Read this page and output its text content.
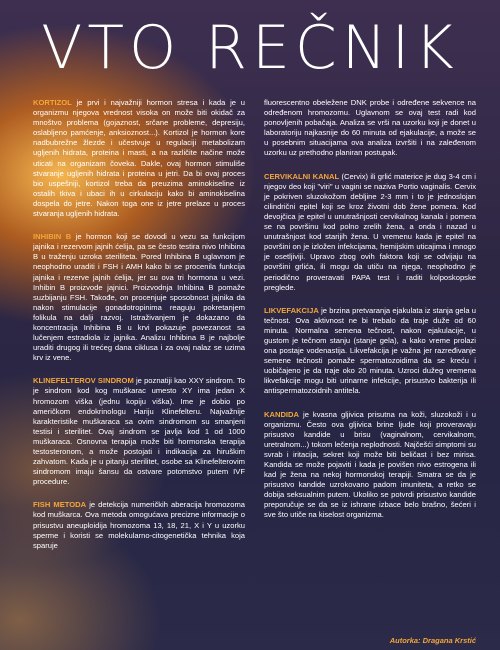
VTO REČNIK

KORTIZOL je prvi i najvažniji hormon stresa i kada je u organizmu njegova vrednost visoka on može biti okidač za mnoštvo problema (gojaznost, srčane probleme, depresiju, oslabljeno pamćenje, anksioznost...). Kortizol je hormon kore nadbubrežne žlezde i učestvuje u regulaciji metabolizam ugljenih hidrata, proteina i masti, a na različite načine može uticati na organizam čoveka. Dakle, ovaj hormon stimuliše stvaranje ugljenih hidrata i proteina u jetri. Da bi ovaj proces bio uspešniji, kortizol treba da preuzima aminokiseline iz ostalih tkiva i ubaci ih u cirkulaciju kako bi aminokiselina dospela do jetre. Nakon toga one iz jetre prelaze u proces stvaranja ugljenih hidrata.

INHIBIN B je hormon koji se dovodi u vezu sa funkcijom jajnika i rezervom jajnih ćelija, pa se često testira nivo Inhibina B u traženju uzroka steriliteta. Pored Inhibina B uglavnom je neophodno uraditi i FSH i AMH kako bi se procenila funkcija jajnika i rezerve jajnih ćelija, jer su ova tri hormona u vezi. Inhibin B proizvode jajnici. Proizvodnja Inhibina B pomaže suzbijanju FSH. Takođe, on procenjuje sposobnost jajnika da nakon stimulacije gonadotropinima reaguju pokretanjem folikula na dalji razvoj. Istraživanjem je dokazano da koncentracija Inhibina B u krvi pokazuje povezanost sa lučenjem estradiola iz jajnika. Analizu Inhibina B je najbolje uraditi drugog ili trećeg dana ciklusa i za ovaj nalaz se uzima krv iz vene.

KLINEFELTEROV SINDROM je poznatiji kao XXY sindrom. To je sindrom kod kog muškarac umesto XY ima jedan X hromozom viška (jednu kopiju viška). Ime je dobio po američkom endokrinologu Hariju Klinefelteru. Najvažnije karakteristike muškaraca sa ovim sindromom su smanjeni testisi i sterilitet. Ovaj sindrom se javlja kod 1 od 1000 muškaraca. Osnovna terapija može biti hormonska terapija testosteronom, a može postojati i indikacija za hiruškim zahvatom. Kada je u pitanju sterilitet, osobe sa Klinefelterovim sindromom imaju šansu da ostvare potomstvo putem IVF procedure.

FISH METODA je detekcija numeričkih aberacija hromozoma kod muškarca. Ova metoda omogućava precizne informacije o prisustvu aneuploidija hromozoma 13, 18, 21, X i Y u uzorku sperme i koristi se molekularno-citogenetička tehnika koja sparuje

fluorescentno obeležene DNK probe i određene sekvence na određenom hromozomu. Uglavnom se ovaj test radi kod ponovljenih pobačaja. Analiza se vrši na uzorku koji je donet u laboratoriju najkasnije do 60 minuta od ejakulacije, a može se u posebnim situacijama ova analiza izvršiti i na zaleđenom uzorku uz prethodno planiran postupak.

CERVIKALNI KANAL (Cervix) ili grlić materice je dug 3-4 cm i njegov deo koji "viri" u vagini se naziva Portio vaginalis. Cervix je pokriven sluzokožom debljine 2-3 mm i to je jednoslojan cilindrični epitel koji se kroz životni dob žene pomera. Kod devojčica je epitel u unutrašnjosti cervikalnog kanala i pomera se na površinu kod polno zrelih žena, a onda i nazad u unutrašnjost kod starijih žena. U vremenu kada je epitel na površini on je izložen infekcijama, hemijskim uticajima i mnogo je osetljiviji. Upravo zbog ovih faktora koji se odvijaju na površini grlića, ili mogu da utiču na njega, neophodno je periodično proveravati PAPA test i raditi kolposkopske preglede.

LIKVEFAKCIJA je brzina pretvaranja ejakulata iz stanja gela u tečnost. Ova aktivnost ne bi trebalo da traje duže od 60 minuta. Normalna semena tečnost, nakon ejakulacije, u gustom je tečnom stanju (stanje gela), a kako vreme prolazi ona postaje vodenastija. Likvefakcija je važna jer razređivanje semene tečnosti pomaže spermatozoidima da se kreću i uobičajeno je da traje oko 20 minuta. Uzroci dužeg vremena likvefakcije mogu biti urinarne infekcije, prisustvo bakterija ili antispermatozoidnih antitela.

KANDIDA je kvasna gljivica prisutna na koži, sluzokoži i u organizmu. Često ova gljivica brine ljude koji proveravaju prisustvo kandide u brisu (vaginalnom, cervikalnom, uretralnom...) tokom lečenja neplodnosti. Najčešći simptomi su svrab i iritacija, sekret koji može biti beličast i bez mirisa. Kandida se može pojaviti i kada je povišen nivo estrogena ili kad je žena na nekoj hormonskoj terapiji. Smatra se da je prisustvo kandide uzrokovano padom imuniteta, a retko se dobija seksualnim putem. Ukoliko se potvrdi prisustvo kandide preporučuje se da se iz ishrane izbace belo brašno, šećeri i sve što utiče na kiselost organizma.

Autorka: Dragana Krstić
